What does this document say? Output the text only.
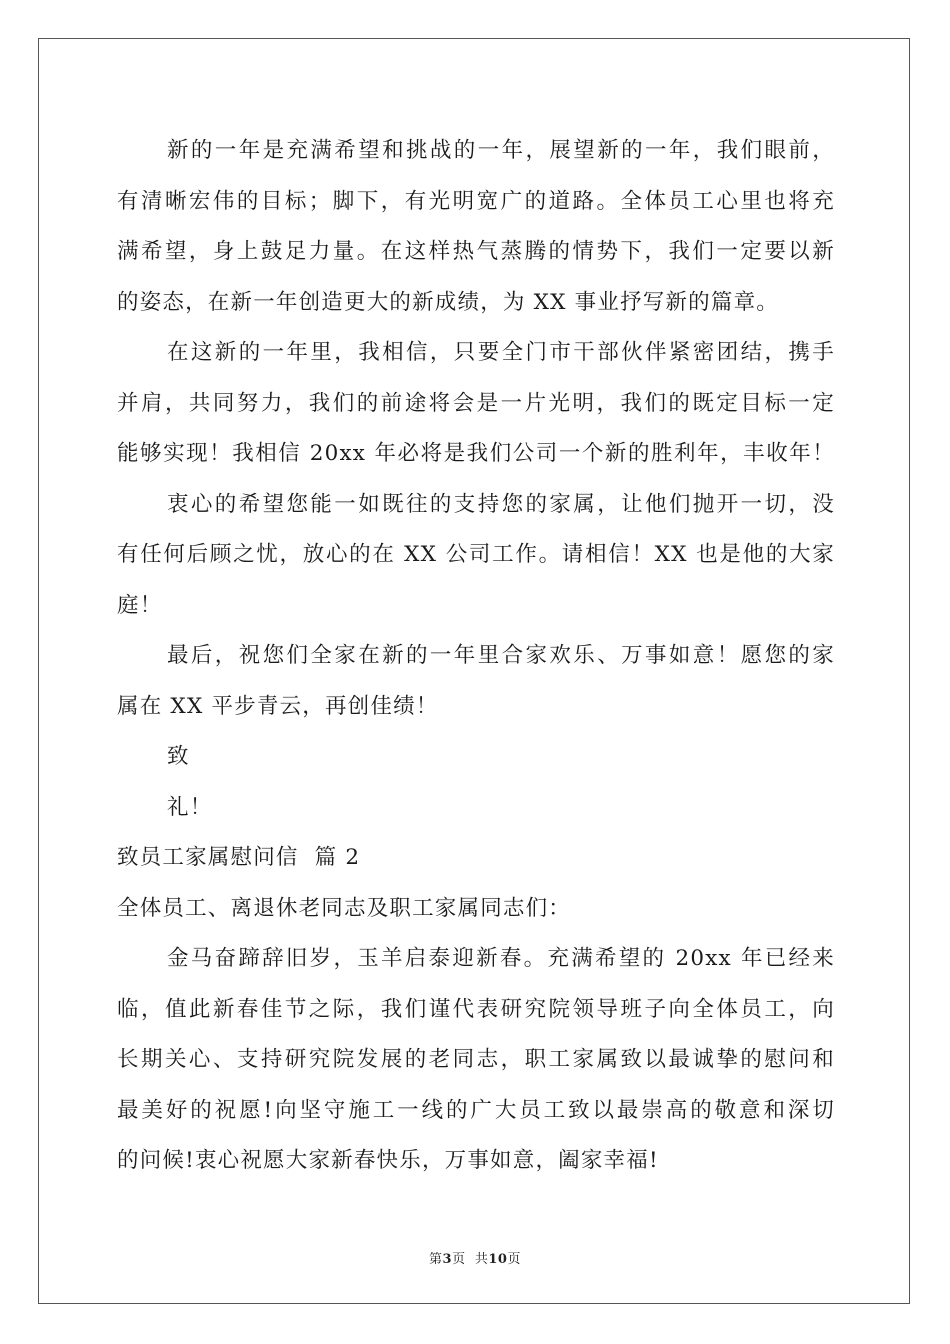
新的一年是充满希望和挑战的一年，展望新的一年，我们眼前，
有清晰宏伟的目标；脚下，有光明宽广的道路。全体员工心里也将充
满希望，身上鼓足力量。在这样热气蒸腾的情势下，我们一定要以新
的姿态，在新一年创造更大的新成绩，为 XX 事业抒写新的篇章。
在这新的一年里，我相信，只要全门市干部伙伴紧密团结，携手
并肩，共同努力，我们的前途将会是一片光明，我们的既定目标一定
能够实现！我相信 20xx 年必将是我们公司一个新的胜利年，丰收年！
衷心的希望您能一如既往的支持您的家属，让他们抛开一切，没
有任何后顾之忧，放心的在 XX 公司工作。请相信！XX 也是他的大家
庭！
最后，祝您们全家在新的一年里合家欢乐、万事如意！愿您的家
属在 XX 平步青云，再创佳绩！
致
礼！
致员工家属慰问信  篇 2
全体员工、离退休老同志及职工家属同志们：
金马奋蹄辞旧岁，玉羊启泰迎新春。充满希望的 20xx 年已经来
临，值此新春佳节之际，我们谨代表研究院领导班子向全体员工，向
长期关心、支持研究院发展的老同志，职工家属致以最诚挚的慰问和
最美好的祝愿!向坚守施工一线的广大员工致以最崇高的敬意和深切
的问候!衷心祝愿大家新春快乐，万事如意，阖家幸福!
第3页  共10页
